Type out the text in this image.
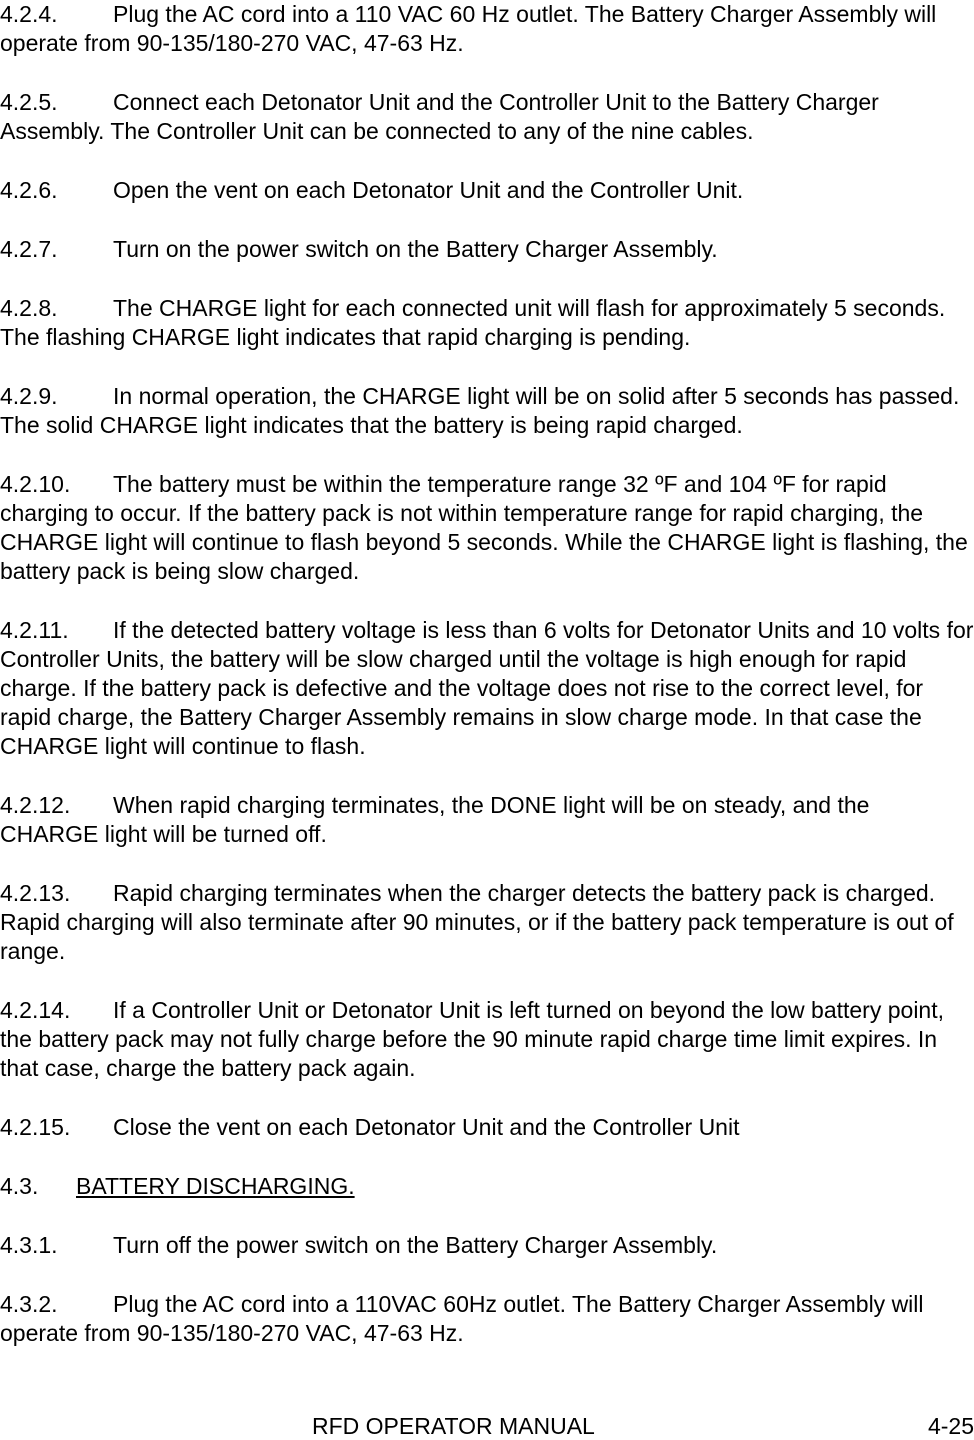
4.2.4. Plug the AC cord into a 110 VAC 60 Hz outlet. The Battery Charger Assembly will operate from 90-135/180-270 VAC, 47-63 Hz.

4.2.5. Connect each Detonator Unit and the Controller Unit to the Battery Charger Assembly. The Controller Unit can be connected to any of the nine cables.

4.2.6. Open the vent on each Detonator Unit and the Controller Unit.

4.2.7. Turn on the power switch on the Battery Charger Assembly.

4.2.8. The CHARGE light for each connected unit will flash for approximately 5 seconds. The flashing CHARGE light indicates that rapid charging is pending.

4.2.9. In normal operation, the CHARGE light will be on solid after 5 seconds has passed. The solid CHARGE light indicates that the battery is being rapid charged.

4.2.10. The battery must be within the temperature range 32 ºF and 104 ºF for rapid charging to occur. If the battery pack is not within temperature range for rapid charging, the CHARGE light will continue to flash beyond 5 seconds. While the CHARGE light is flashing, the battery pack is being slow charged.

4.2.11. If the detected battery voltage is less than 6 volts for Detonator Units and 10 volts for Controller Units, the battery will be slow charged until the voltage is high enough for rapid charge. If the battery pack is defective and the voltage does not rise to the correct level, for rapid charge, the Battery Charger Assembly remains in slow charge mode. In that case the CHARGE light will continue to flash.

4.2.12. When rapid charging terminates, the DONE light will be on steady, and the CHARGE light will be turned off.

4.2.13. Rapid charging terminates when the charger detects the battery pack is charged. Rapid charging will also terminate after 90 minutes, or if the battery pack temperature is out of range.

4.2.14. If a Controller Unit or Detonator Unit is left turned on beyond the low battery point, the battery pack may not fully charge before the 90 minute rapid charge time limit expires. In that case, charge the battery pack again.

4.2.15. Close the vent on each Detonator Unit and the Controller Unit

4.3. BATTERY DISCHARGING.

4.3.1. Turn off the power switch on the Battery Charger Assembly.

4.3.2. Plug the AC cord into a 110VAC 60Hz outlet. The Battery Charger Assembly will operate from 90-135/180-270 VAC, 47-63 Hz.

RFD OPERATOR MANUAL	4-25
